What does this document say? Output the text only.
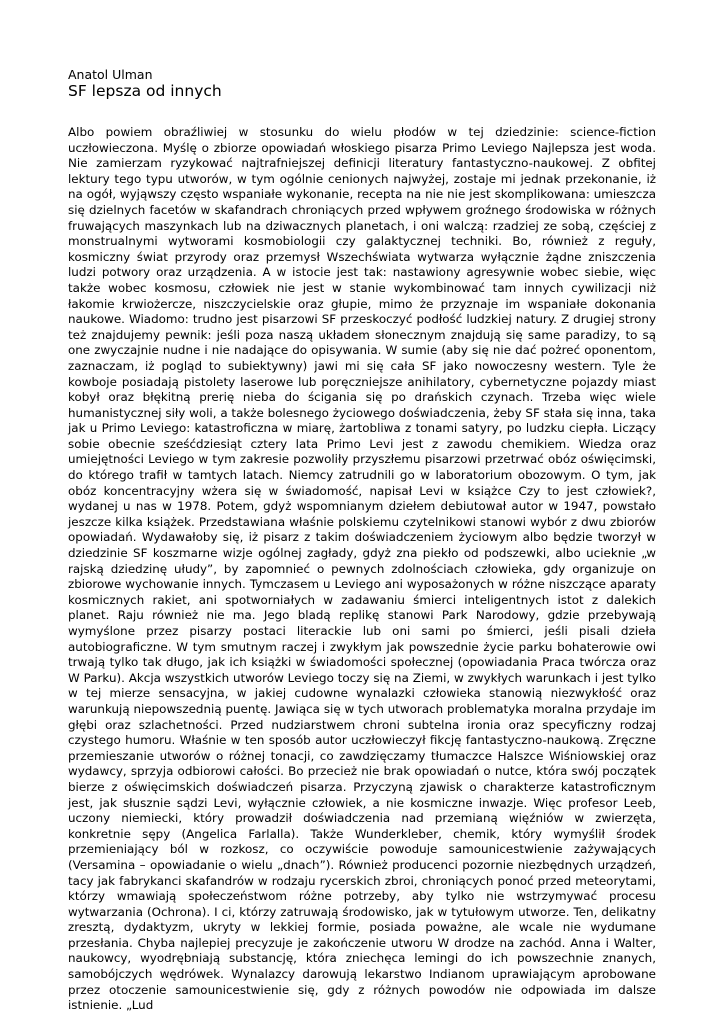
Anatol Ulman

SF lepsza od innych

Albo powiem obraźliwiej w stosunku do wielu płodów w tej dziedzinie: science-fiction uczłowieczona. Myślę o zbiorze opowiadań włoskiego pisarza Primo Leviego Najlepsza jest woda. Nie zamierzam ryzykować najtrafniejszej definicji literatury fantastyczno-naukowej. Z obfitej lektury tego typu utworów, w tym ogólnie cenionych najwyżej, zostaje mi jednak przekonanie, iż na ogół, wyjąwszy często wspaniałe wykonanie, recepta na nie nie jest skomplikowana: umieszcza się dzielnych facetów w skafandrach chroniących przed wpływem groźnego środowiska w różnych fruwających maszynkach lub na dziwacznych planetach, i oni walczą: rzadziej ze sobą, częściej z monstrualnymi wytworami kosmobiologii czy galaktycznej techniki. Bo, również z reguły, kosmiczny świat przyrody oraz przemysł Wszechświata wytwarza wyłącznie żądne zniszczenia ludzi potwory oraz urządzenia. A w istocie jest tak: nastawiony agresywnie wobec siebie, więc także wobec kosmosu, człowiek nie jest w stanie wykombinować tam innych cywilizacji niż łakomie krwiożercze, niszczycielskie oraz głupie, mimo że przyznaje im wspaniałe dokonania naukowe. Wiadomo: trudno jest pisarzowi SF przeskoczyć podłość ludzkiej natury. Z drugiej strony też znajdujemy pewnik: jeśli poza naszą układem słonecznym znajdują się same paradizy, to są one zwyczajnie nudne i nie nadające do opisywania. W sumie (aby się nie dać pożreć oponentom, zaznaczam, iż pogląd to subiektywny) jawi mi się cała SF jako nowoczesny western. Tyle że kowboje posiadają pistolety laserowe lub poręczniejsze anihilatory, cybernetyczne pojazdy miast kobył oraz błękitną prerię nieba do ścigania się po drańskich czynach. Trzeba więc wiele humanistycznej siły woli, a także bolesnego życiowego doświadczenia, żeby SF stała się inna, taka jak u Primo Leviego: katastroficzna w miarę, żartobliwa z tonami satyry, po ludzku ciepła. Liczący sobie obecnie sześćdziesiąt cztery lata Primo Levi jest z zawodu chemikiem. Wiedza oraz umiejętności Leviego w tym zakresie pozwoliły przyszłemu pisarzowi przetrwać obóz oświęcimski, do którego trafił w tamtych latach. Niemcy zatrudnili go w laboratorium obozowym. O tym, jak obóz koncentracyjny wżera się w świadomość, napisał Levi w książce Czy to jest człowiek?, wydanej u nas w 1978. Potem, gdyż wspomnianym dziełem debiutował autor w 1947, powstało jeszcze kilka książek. Przedstawiana właśnie polskiemu czytelnikowi stanowi wybór z dwu zbiorów opowiadań. Wydawałoby się, iż pisarz z takim doświadczeniem życiowym albo będzie tworzył w dziedzinie SF koszmarne wizje ogólnej zagłady, gdyż zna piekło od podszewki, albo ucieknie „w rajską dziedzinę ułudy”, by zapomnieć o pewnych zdolnościach człowieka, gdy organizuje on zbiorowe wychowanie innych. Tymczasem u Leviego ani wyposażonych w różne niszczące aparaty kosmicznych rakiet, ani spotworniałych w zadawaniu śmierci inteligentnych istot z dalekich planet. Raju również nie ma. Jego bladą replikę stanowi Park Narodowy, gdzie przebywają wymyślone przez pisarzy postaci literackie lub oni sami po śmierci, jeśli pisali dzieła autobiograficzne. W tym smutnym raczej i zwykłym jak powszednie życie parku bohaterowie owi trwają tylko tak długo, jak ich książki w świadomości społecznej (opowiadania Praca twórcza oraz W Parku). Akcja wszystkich utworów Leviego toczy się na Ziemi, w zwykłych warunkach i jest tylko w tej mierze sensacyjna, w jakiej cudowne wynalazki człowieka stanowią niezwykłość oraz warunkują niepowszednią puentę. Jawiąca się w tych utworach problematyka moralna przydaje im głębi oraz szlachetności. Przed nudziarstwem chroni subtelna ironia oraz specyficzny rodzaj czystego humoru. Właśnie w ten sposób autor uczłowieczył fikcję fantastyczno-naukową. Zręczne przemieszanie utworów o różnej tonacji, co zawdzięczamy tłumaczce Halszce Wiśniowskiej oraz wydawcy, sprzyja odbiorowi całości. Bo przecież nie brak opowiadań o nutce, która swój początek bierze z oświęcimskich doświadczeń pisarza. Przyczyną zjawisk o charakterze katastroficznym jest, jak słusznie sądzi Levi, wyłącznie człowiek, a nie kosmiczne inwazje. Więc profesor Leeb, uczony niemiecki, który prowadził doświadczenia nad przemianą więźniów w zwierzęta, konkretnie sępy (Angelica Farlalla). Także Wunderkleber, chemik, który wymyślił środek przemieniający ból w rozkosz, co oczywiście powoduje samounicestwienie zażywających (Versamina – opowiadanie o wielu „dnach”). Również producenci pozornie niezbędnych urządzeń, tacy jak fabrykanci skafandrów w rodzaju rycerskich zbroi, chroniących ponoć przed meteorytami, którzy wmawiają społeczeństwom różne potrzeby, aby tylko nie wstrzymywać procesu wytwarzania (Ochrona). I ci, którzy zatruwają środowisko, jak w tytułowym utworze. Ten, delikatny zresztą, dydaktyzm, ukryty w lekkiej formie, posiada poważne, ale wcale nie wydumane przesłania. Chyba najlepiej precyzuje je zakończenie utworu W drodze na zachód. Anna i Walter, naukowcy, wyodrębniają substancję, która zniechęca lemingi do ich powszechnie znanych, samobójczych wędrówek. Wynalazcy darowują lekarstwo Indianom uprawiającym aprobowane przez otoczenie samounicestwienie się, gdy z różnych powodów nie odpowiada im dalsze istnienie. „Lud
